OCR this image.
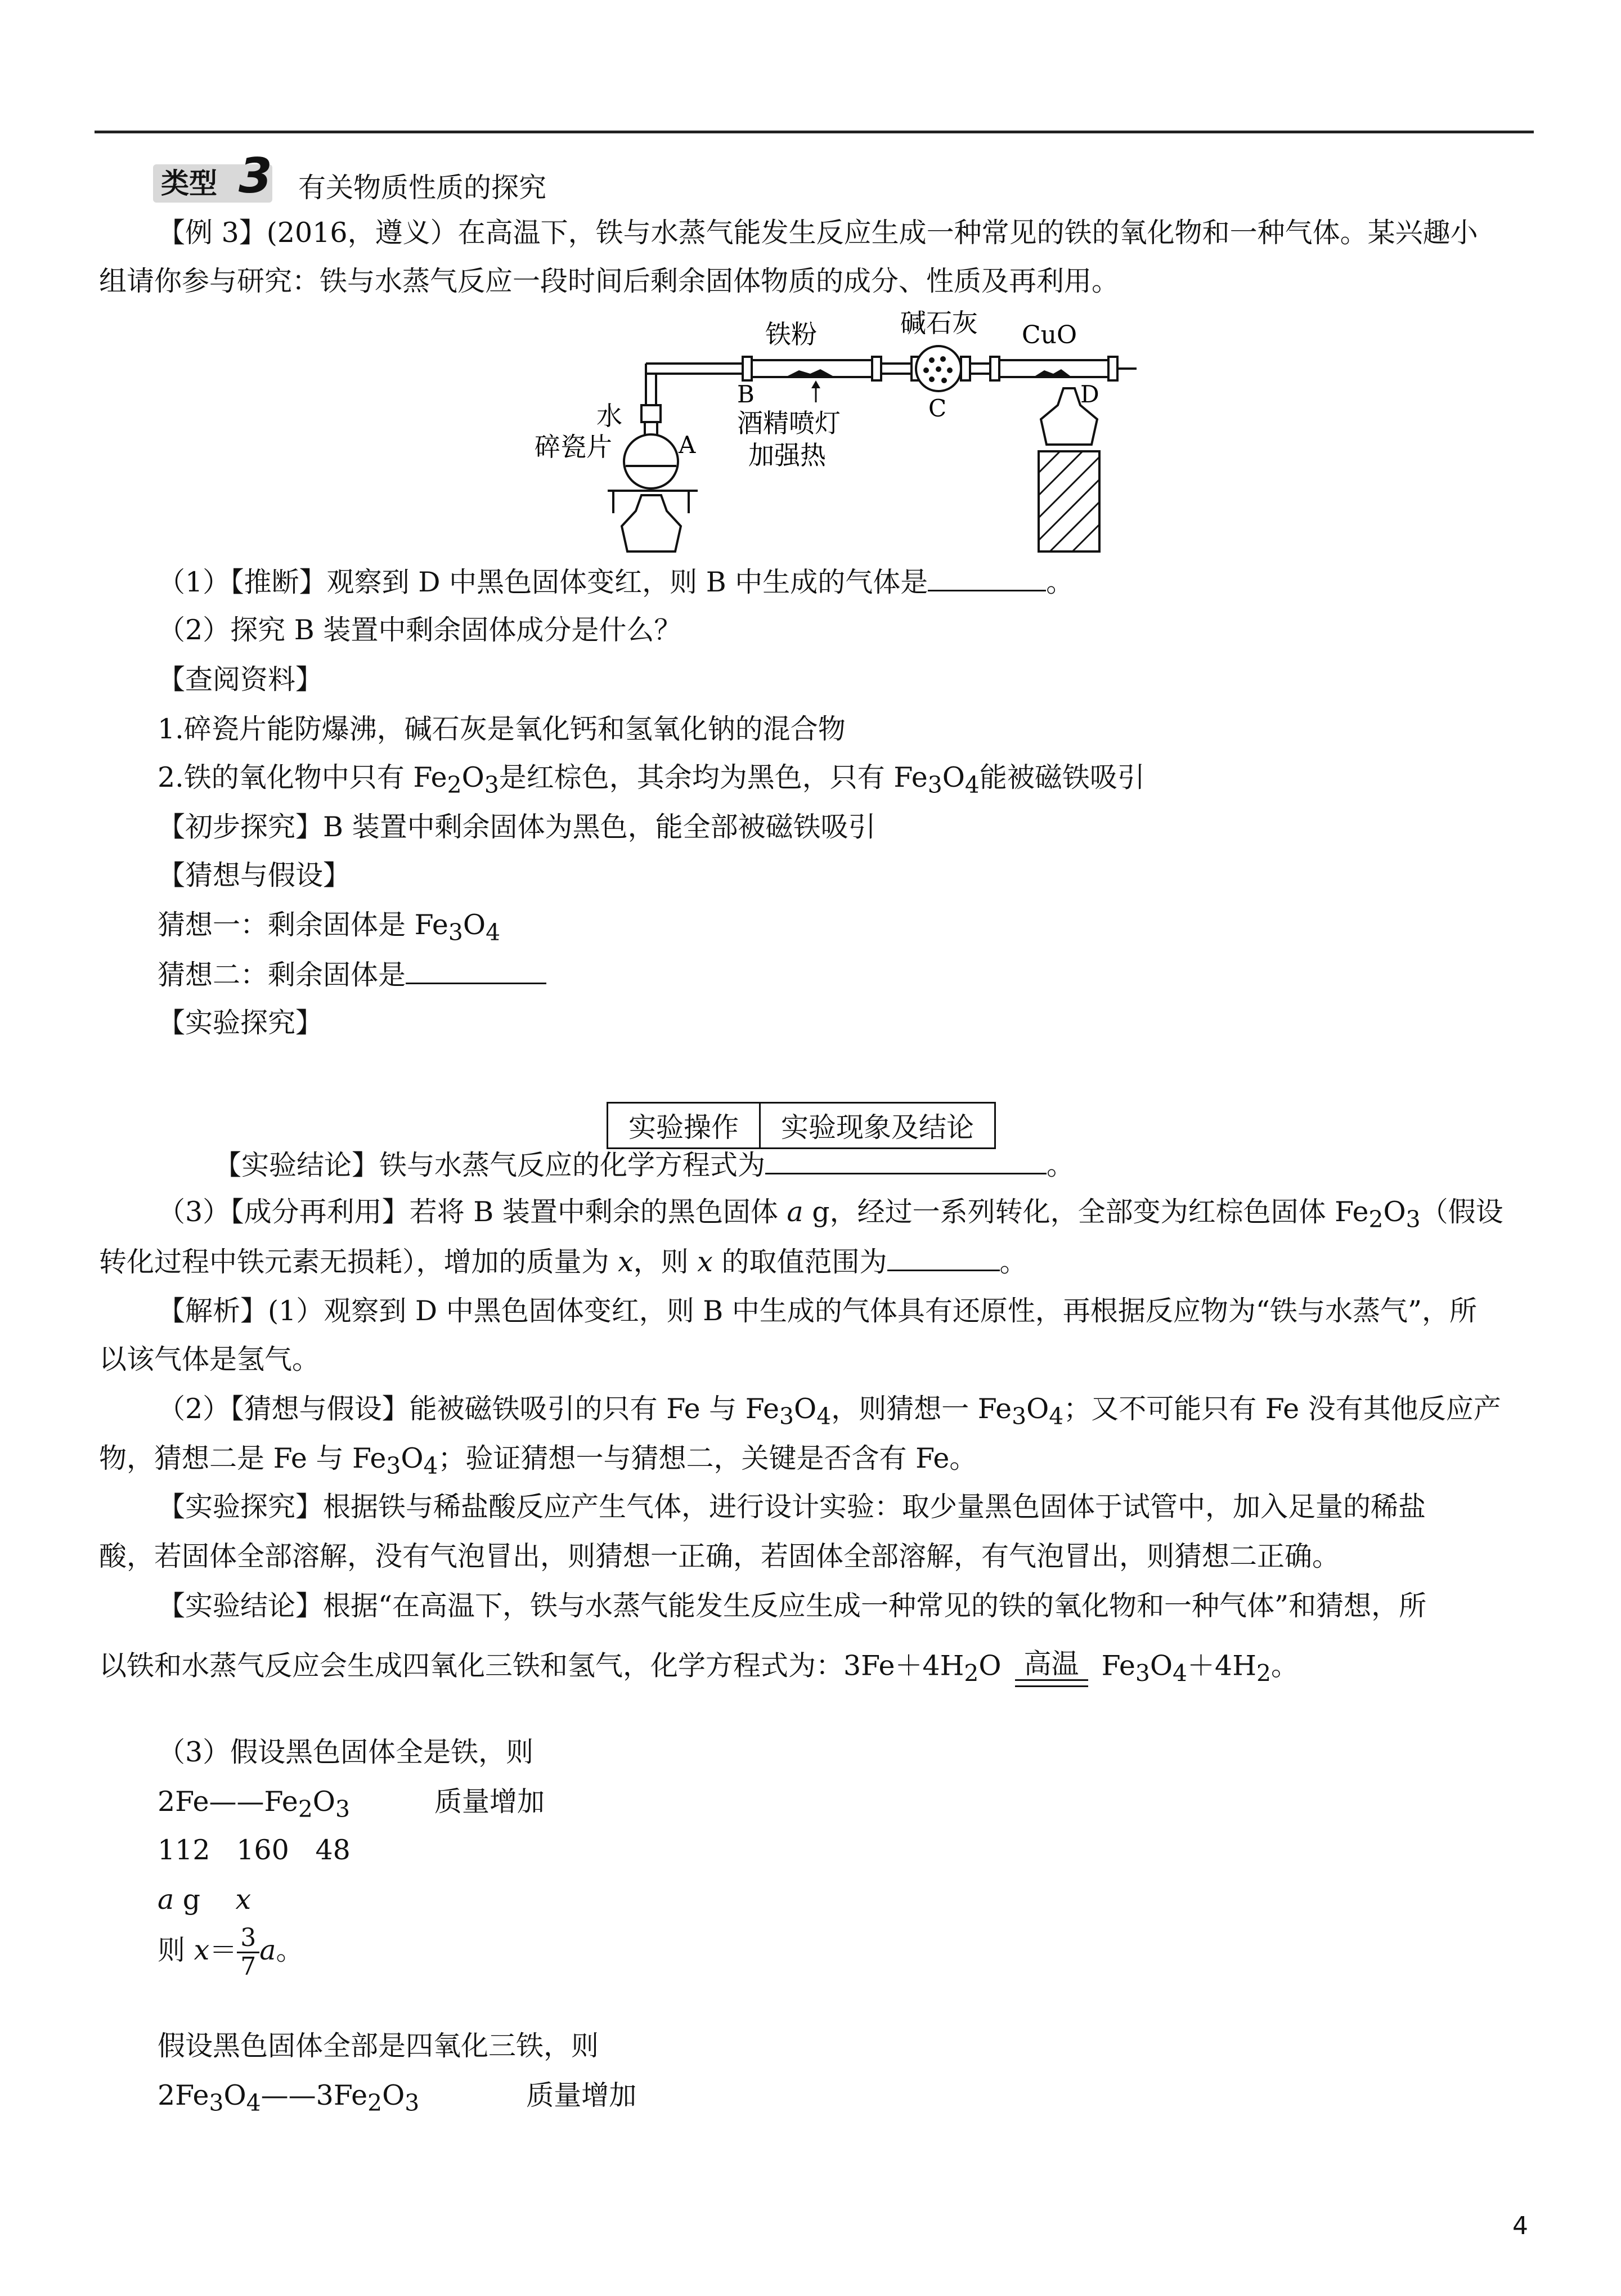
类型 3 有关物质性质的探究
【例 3】(2016，遵义）在高温下，铁与水蒸气能发生反应生成一种常见的铁的氧化物和一种气体。某兴趣小
组请你参与研究：铁与水蒸气反应一段时间后剩余固体物质的成分、性质及再利用。
铁粉	碱石灰 CuO
B
C
D
A
水
碎瓷片
酒精喷灯
加强热
（1）【推断】观察到 D 中黑色固体变红，则 B 中生成的气体是	。
（2）探究 B 装置中剩余固体成分是什么？
【查阅资料】
1.碎瓷片能防爆沸，碱石灰是氧化钙和氢氧化钠的混合物
2.铁的氧化物中只有 $Fe_2O_3$是红棕色，其余均为黑色，只有 $Fe_3O_4$能被磁铁吸引
【初步探究】B 装置中剩余固体为黑色，能全部被磁铁吸引
【猜想与假设】
猜想一：剩余固体是 $Fe_3O_4$
猜想二：剩余固体是
【实验探究】
实验操作	实验现象及结论
【实验结论】铁与水蒸气反应的化学方程式为	。
（3）【成分再利用】若将 B 装置中剩余的黑色固体 a g，经过一系列转化，全部变为红棕色固体 $Fe_2O_3$（假设
转化过程中铁元素无损耗），增加的质量为 x，则 x 的取值范围为	。
【解析】(1）观察到 D 中黑色固体变红，则 B 中生成的气体具有还原性，再根据反应物为“铁与水蒸气”，所
以该气体是氢气。
（2）【猜想与假设】能被磁铁吸引的只有 Fe 与 $Fe_3O_4$，则猜想一 $Fe_3O_4$；又不可能只有 Fe 没有其他反应产
物，猜想二是 Fe 与 $Fe_3O_4$；验证猜想一与猜想二，关键是否含有 Fe。
【实验探究】根据铁与稀盐酸反应产生气体，进行设计实验：取少量黑色固体于试管中，加入足量的稀盐
酸，若固体全部溶解，没有气泡冒出，则猜想一正确，若固体全部溶解，有气泡冒出，则猜想二正确。
【实验结论】根据“在高温下，铁与水蒸气能发生反应生成一种常见的铁的氧化物和一种气体”和猜想，所
以铁和水蒸气反应会生成四氧化三铁和氢气，化学方程式为：$3Fe+4H_2O$ 高温 $Fe_3O_4+4H_2$。
（3）假设黑色固体全是铁，则
$2Fe——Fe_2O_3$	质量增加
112   160   48
a g    x
则 $x= \frac{3}{7}$ a。
假设黑色固体全部是四氧化三铁，则
$2Fe_3O_4——3Fe_2O_3$	质量增加
4
